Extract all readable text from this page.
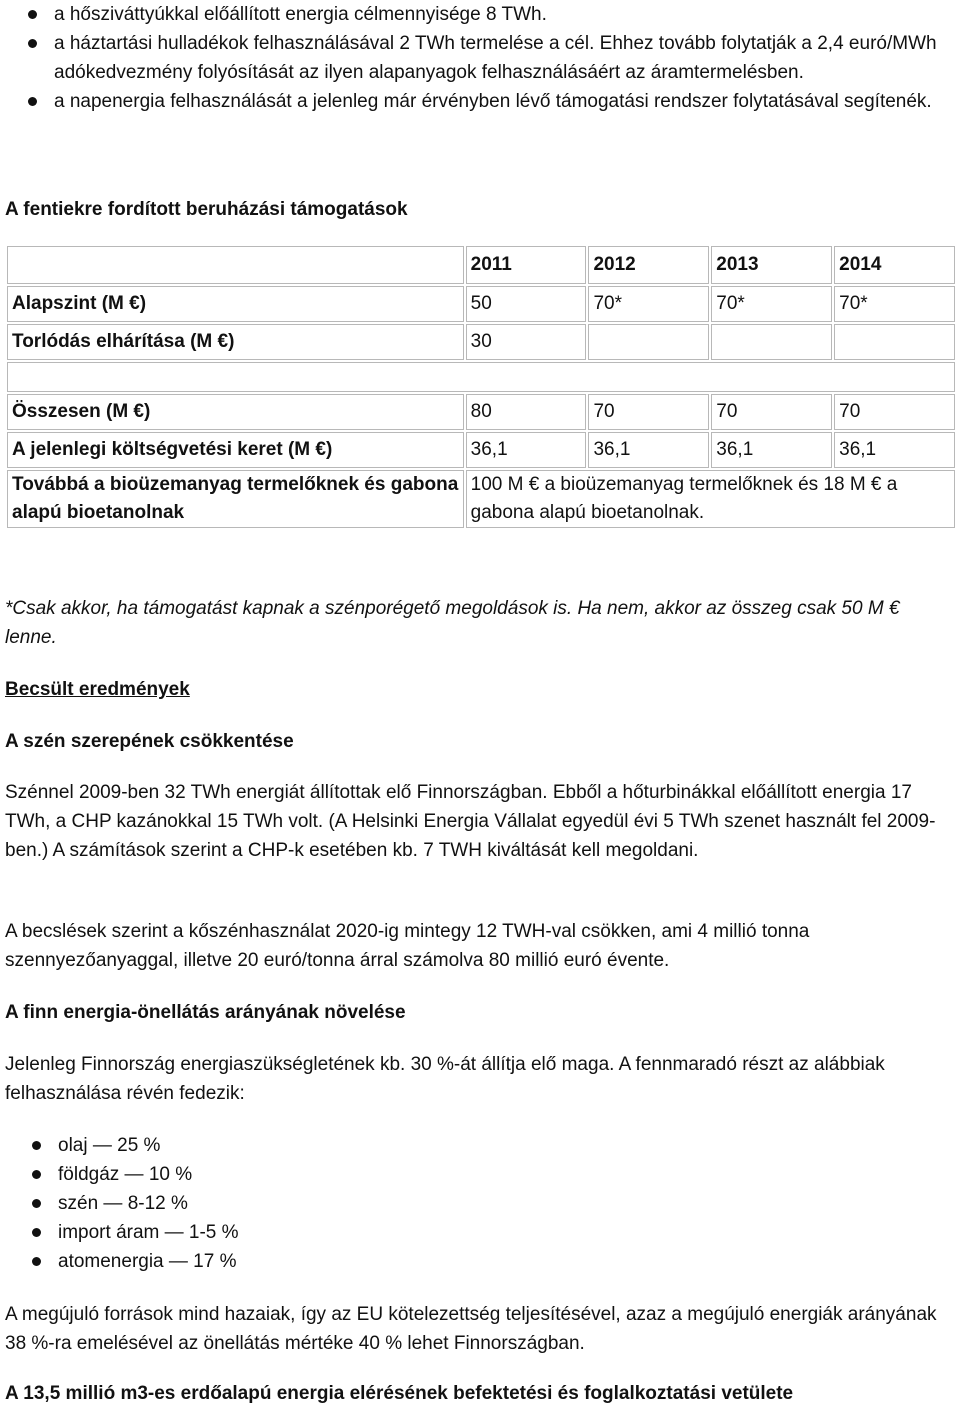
a hősziváttyúkkal előállított energia célmennyisége 8 TWh.
a háztartási hulladékok felhasználásával 2 TWh termelése a cél. Ehhez tovább folytatják a 2,4 euró/MWh adókedvezmény folyósítását az ilyen alapanyagok felhasználásáért az áramtermelésben.
a napenergia felhasználását a jelenleg már érvényben lévő támogatási rendszer folytatásával segítenék.

A fentiekre fordított beruházási támogatások

	2011	2012	2013	2014
Alapszint (M €)	50	70*	70*	70*
Torlódás elhárítása (M €)	30			

Összesen (M €)	80	70	70	70
A jelenlegi költségvetési keret (M €)	36,1	36,1	36,1	36,1
Továbbá a bioüzemanyag termelőknek és gabona alapú bioetanolnak	100 M € a bioüzemanyag termelőknek és 18 M € a gabona alapú bioetanolnak.			

*Csak akkor, ha támogatást kapnak a szénporégető megoldások is. Ha nem, akkor az összeg csak 50 M € lenne.

Becsült eredmények

A szén szerepének csökkentése

Szénnel 2009-ben 32 TWh energiát állítottak elő Finnországban. Ebből a hőturbinákkal előállított energia 17 TWh, a CHP kazánokkal 15 TWh volt. (A Helsinki Energia Vállalat egyedül évi 5 TWh szenet használt fel 2009-ben.) A számítások szerint a CHP-k esetében kb. 7 TWH kiváltását kell megoldani.

A becslések szerint a kőszénhasználat 2020-ig mintegy 12 TWH-val csökken, ami 4 millió tonna szennyezőanyaggal, illetve 20 euró/tonna árral számolva 80 millió euró évente.

A finn energia-önellátás arányának növelése

Jelenleg Finnország energiaszükségletének kb. 30 %-át állítja elő maga. A fennmaradó részt az alábbiak felhasználása révén fedezik:

olaj — 25 %
földgáz — 10 %
szén — 8-12 %
import áram — 1-5 %
atomenergia — 17 %

A megújuló források mind hazaiak, így az EU kötelezettség teljesítésével, azaz a megújuló energiák arányának 38 %-ra emelésével az önellátás mértéke 40 % lehet Finnországban.

A 13,5 millió m3-es erdőalapú energia elérésének befektetési és foglalkoztatási vetülete
